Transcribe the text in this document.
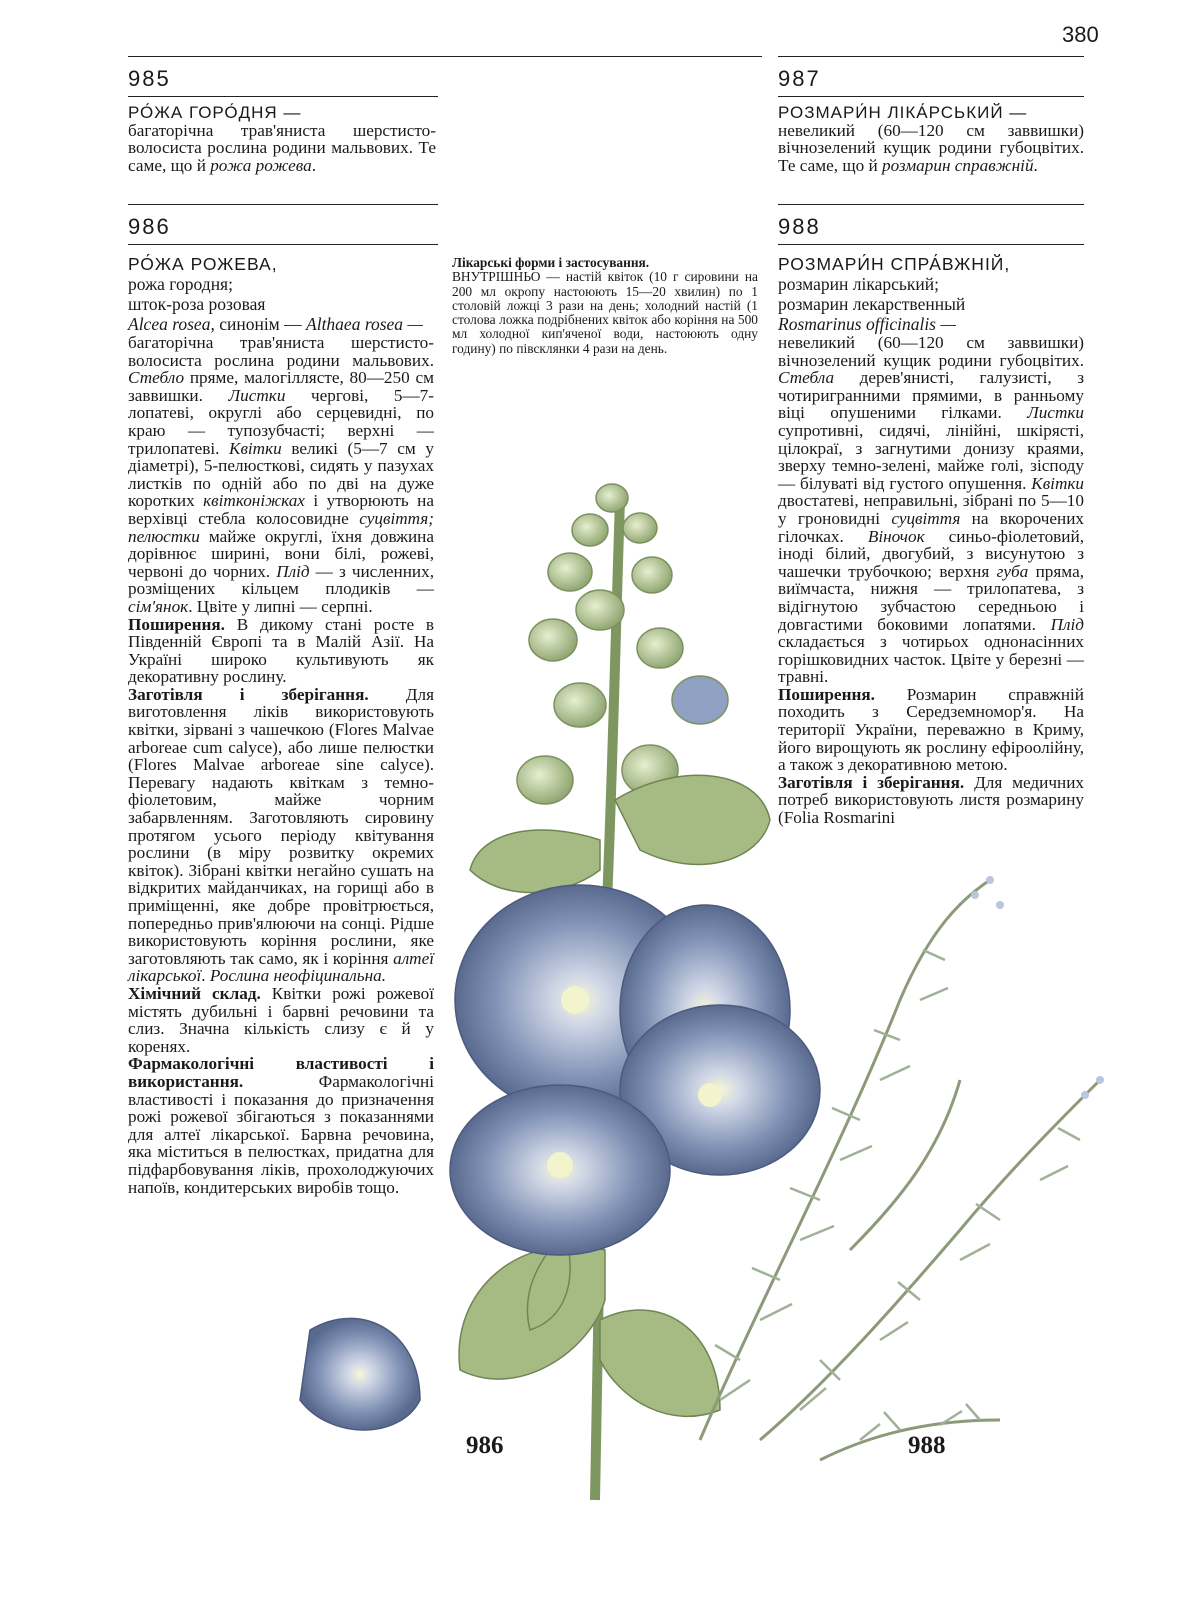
380
985
986
987
988
986	988

РО́ЖА ГОРО́ДНЯ —

багаторічна трав'яниста шерстисто-волосиста рослина родини мальвових. Те саме, що й рожа рожева.

РО́ЖА РОЖЕВА,

рожа городня;

шток-роза розовая

Alcea rosea, синонім — Althaea rosea —

багаторічна трав'яниста шерстисто-волосиста рослина родини мальвових. Стебло пряме, малогіллясте, 80—250 см заввишки. Листки чергові, 5—7-лопатеві, округлі або серцевидні, по краю — тупозубчасті; верхні — трилопатеві. Квітки великі (5—7 см у діаметрі), 5-пелюсткові, сидять у пазухах листків по одній або по дві на дуже коротких квітконіжках і утворюють на верхівці стебла колосовидне суцвіття; пелюстки майже округлі, їхня довжина дорівнює ширині, вони білі, рожеві, червоні до чорних. Плід — з численних, розміщених кільцем плодиків — сім'янок. Цвіте у липні — серпні.

Поширення. В дикому стані росте в Південній Європі та в Малій Азії. На Україні широко культивують як декоративну рослину.

Заготівля і зберігання. Для виготовлення ліків використовують квітки, зірвані з чашечкою (Flores Malvae arboreae cum calyce), або лише пелюстки (Flores Malvae arboreae sine calyce). Перевагу надають квіткам з темно-фіолетовим, майже чорним забарвленням. Заготовляють сировину протягом усього періоду квітування рослини (в міру розвитку окремих квіток). Зібрані квітки негайно сушать на відкритих майданчиках, на горищі або в приміщенні, яке добре провітрюється, попередньо прив'ялюючи на сонці. Рідше використовують коріння рослини, яке заготовляють так само, як і коріння алтеї лікарської. Рослина неофіцинальна.

Хімічний склад. Квітки рожі рожевої містять дубильні і барвні речовини та слиз. Значна кількість слизу є й у коренях.

Фармакологічні властивості і використання. Фармакологічні властивості і показання до призначення рожі рожевої збігаються з показаннями для алтеї лікарської. Барвна речовина, яка міститься в пелюстках, придатна для підфарбовування ліків, прохолоджуючих напоїв, кондитерських виробів тощо.

Лікарські форми і застосування.

ВНУТРІШНЬО — настій квіток (10 г сировини на 200 мл окропу настоюють 15—20 хвилин) по 1 столовій ложці 3 рази на день; холодний настій (1 столова ложка подрібнених квіток або коріння на 500 мл холодної кип'яченої води, настоюють одну годину) по півсклянки 4 рази на день.

РОЗМАРИ́Н ЛІКА́РСЬКИЙ —

невеликий (60—120 см заввишки) вічнозелений кущик родини губоцвітих. Те саме, що й розмарин справжній.

РОЗМАРИ́Н СПРА́ВЖНІЙ,

розмарин лікарський;

розмарин лекарственный

Rosmarinus officinalis —

невеликий (60—120 см заввишки) вічнозелений кущик родини губоцвітих. Стебла дерев'янисті, галузисті, з чотиригранними прямими, в ранньому віці опушеними гілками. Листки супротивні, сидячі, лінійні, шкірясті, цілокраї, з загнутими донизу краями, зверху темно-зелені, майже голі, зісподу — білуваті від густого опушення. Квітки двостатеві, неправильні, зібрані по 5—10 у гроновидні суцвіття на вкорочених гілочках. Віночок синьо-фіолетовий, іноді білий, двогубий, з висунутою з чашечки трубочкою; верхня губа пряма, виїмчаста, нижня — трилопатева, з відігнутою зубчастою середньою і довгастими боковими лопатями. Плід складається з чотирьох однонасінних горішковидних часток. Цвіте у березні — травні.

Поширення. Розмарин справжній походить з Середземномор'я. На території України, переважно в Криму, його вирощують як рослину ефіроолійну, а також з декоративною метою.

Заготівля і зберігання. Для медичних потреб використовують листя розмарину (Folia Rosmarini
